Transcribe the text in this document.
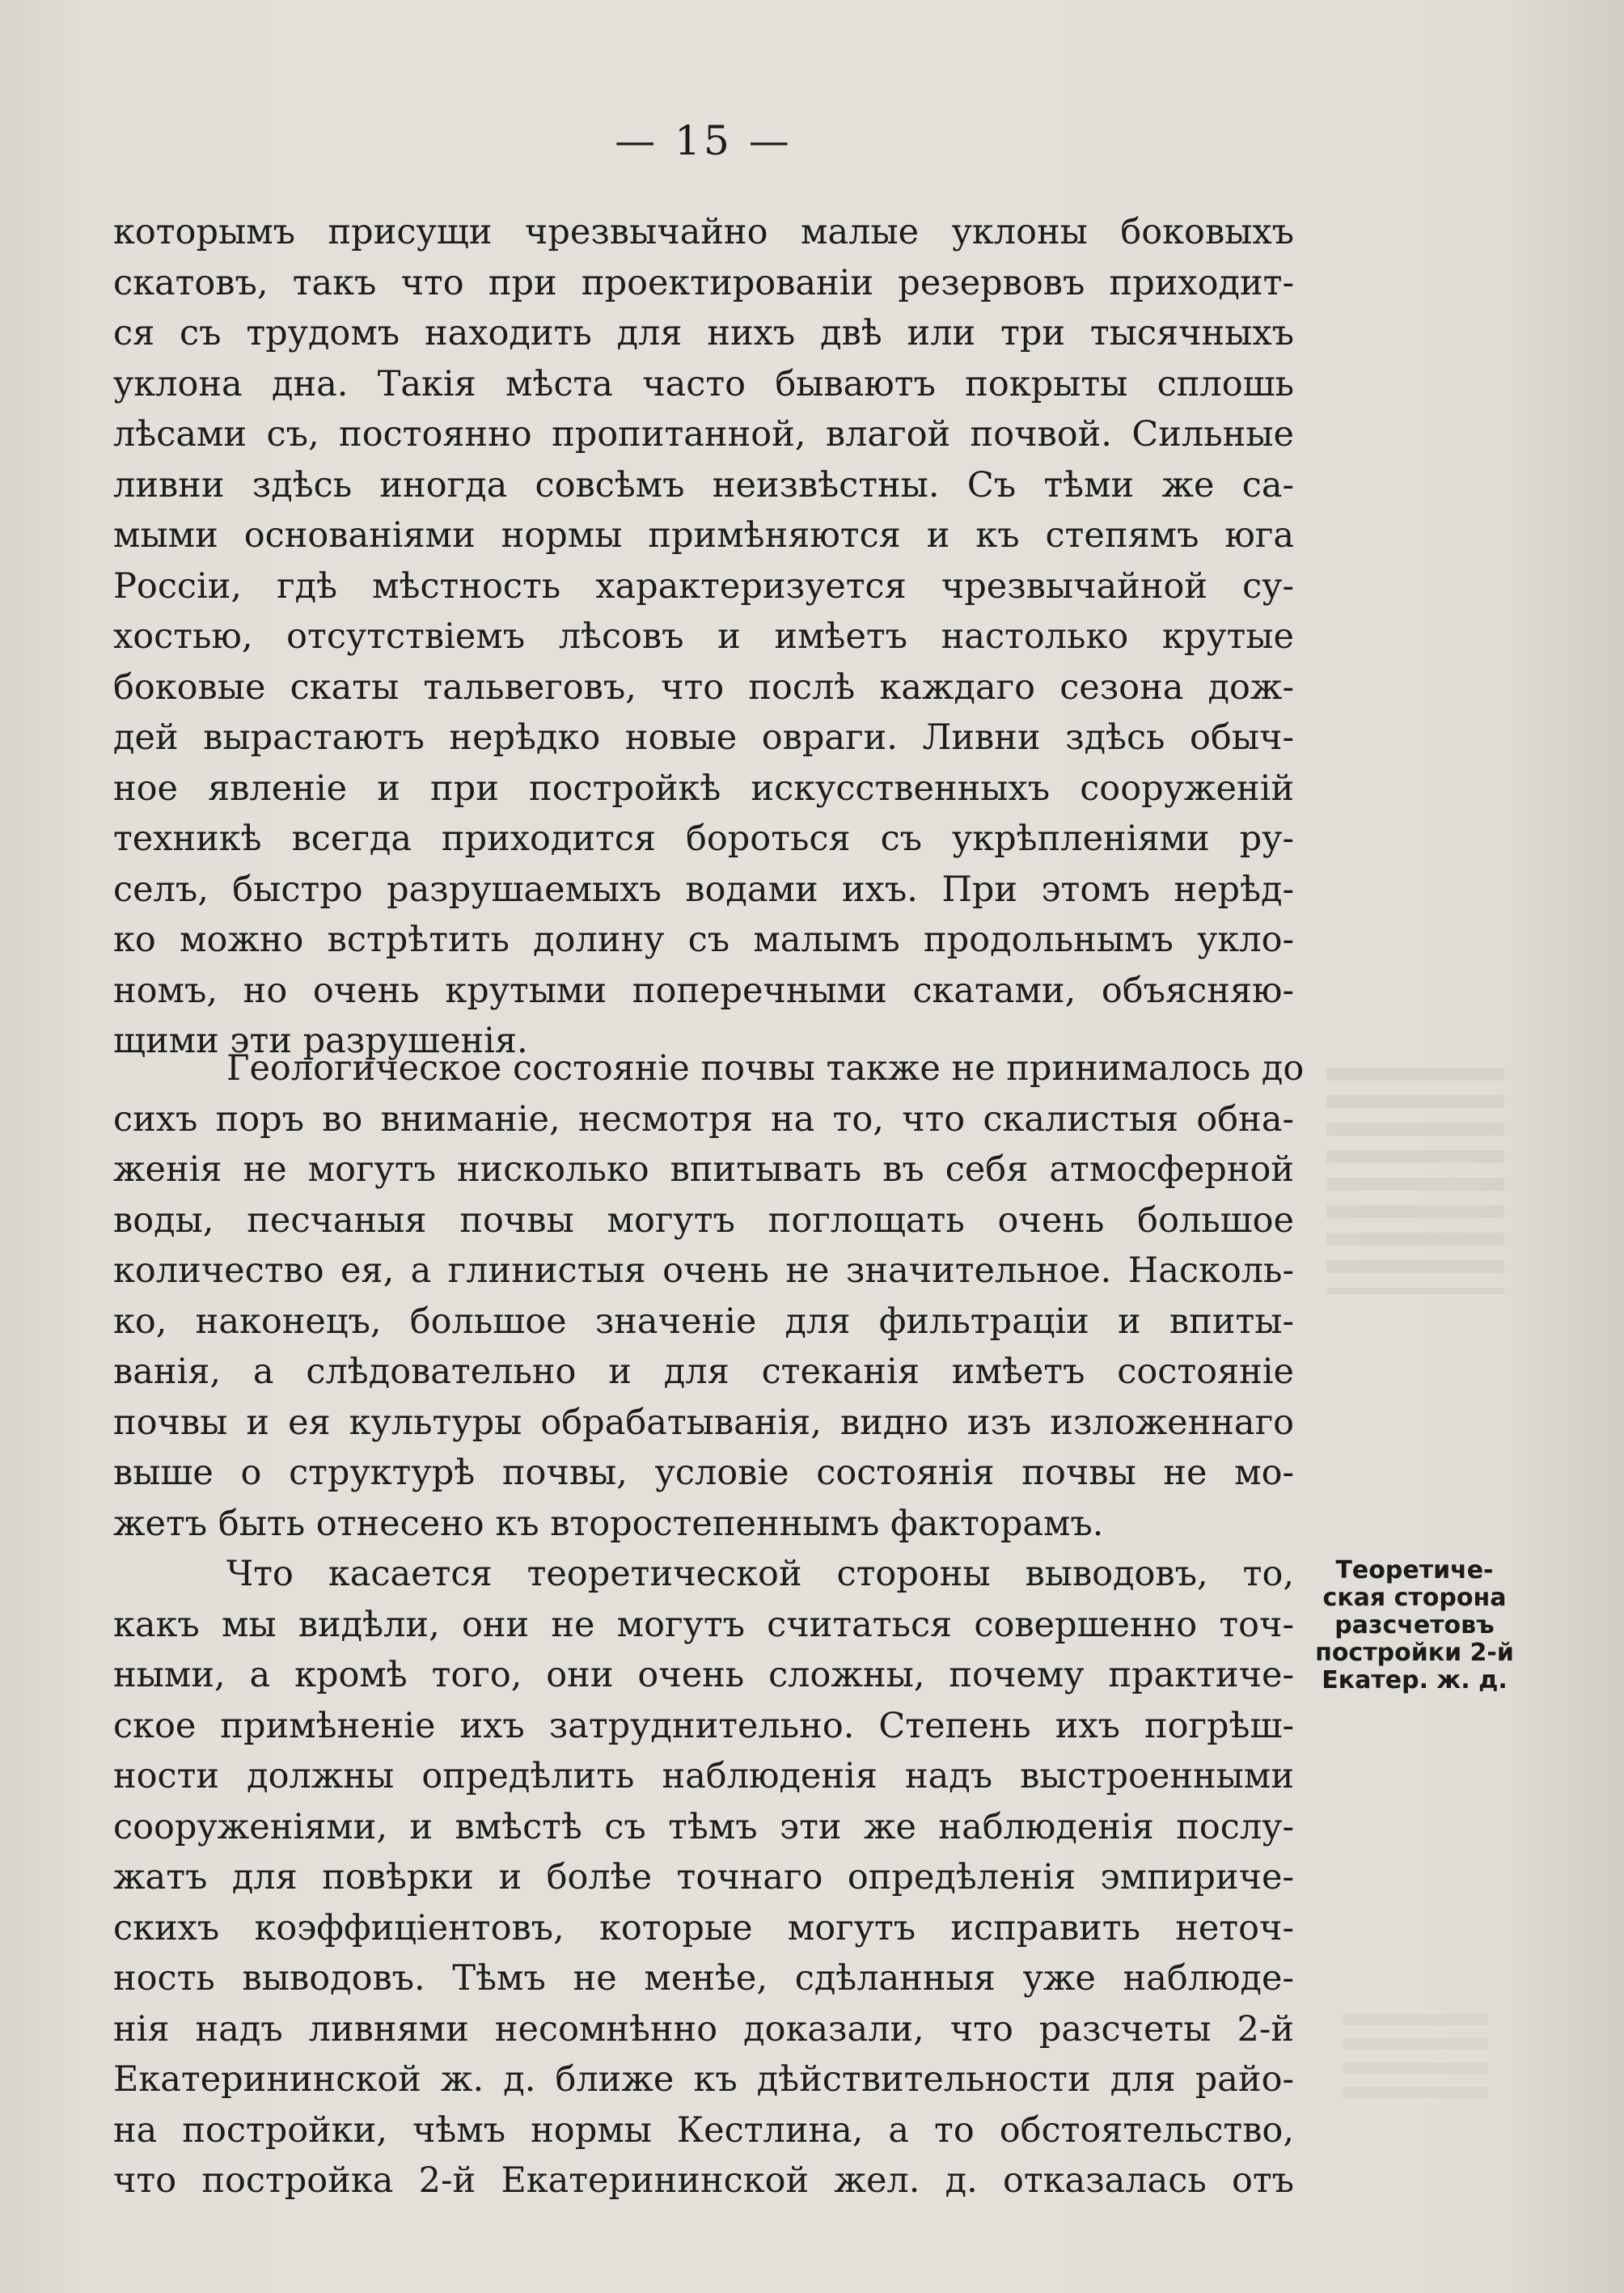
— 15 —
которымъ присущи чрезвычайно малые уклоны боковыхъ
скатовъ, такъ что при проектированіи резервовъ приходит-
ся съ трудомъ находить для нихъ двѣ или три тысячныхъ
уклона дна. Такія мѣста часто бываютъ покрыты сплошь
лѣсами съ, постоянно пропитанной, влагой почвой. Сильные
ливни здѣсь иногда совсѣмъ неизвѣстны. Съ тѣми же са-
мыми основаніями нормы примѣняются и къ степямъ юга
Россіи, гдѣ мѣстность характеризуется чрезвычайной су-
хостью, отсутствіемъ лѣсовъ и имѣетъ настолько крутые
боковые скаты тальвеговъ, что послѣ каждаго сезона дож-
дей вырастаютъ нерѣдко новые овраги. Ливни здѣсь обыч-
ное явленіе и при постройкѣ искусственныхъ сооруженій
техникѣ всегда приходится бороться съ укрѣпленіями ру-
селъ, быстро разрушаемыхъ водами ихъ. При этомъ нерѣд-
ко можно встрѣтить долину съ малымъ продольнымъ укло-
номъ, но очень крутыми поперечными скатами, объясняю-
щими эти разрушенія.
Геологическое состояніе почвы также не принималось до
сихъ поръ во вниманіе, несмотря на то, что скалистыя обна-
женія не могутъ нисколько впитывать въ себя атмосферной
воды, песчаныя почвы могутъ поглощать очень большое
количество ея, а глинистыя очень не значительное. Насколь-
ко, наконецъ, большое значеніе для фильтраціи и впиты-
ванія, а слѣдовательно и для стеканія имѣетъ состояніе
почвы и ея культуры обрабатыванія, видно изъ изложеннаго
выше о структурѣ почвы, условіе состоянія почвы не мо-
жетъ быть отнесено къ второстепеннымъ факторамъ.
Что касается теоретической стороны выводовъ, то,
какъ мы видѣли, они не могутъ считаться совершенно точ-
ными, а кромѣ того, они очень сложны, почему практиче-
ское примѣненіе ихъ затруднительно. Степень ихъ погрѣш-
ности должны опредѣлить наблюденія надъ выстроенными
сооруженіями, и вмѣстѣ съ тѣмъ эти же наблюденія послу-
жатъ для повѣрки и болѣе точнаго опредѣленія эмпириче-
скихъ коэффиціентовъ, которые могутъ исправить неточ-
ность выводовъ. Тѣмъ не менѣе, сдѣланныя уже наблюде-
нія надъ ливнями несомнѣнно доказали, что разсчеты 2-й
Екатерининской ж. д. ближе къ дѣйствительности для райо-
на постройки, чѣмъ нормы Кестлина, а то обстоятельство,
что постройка 2-й Екатерининской жел. д. отказалась отъ
Теоретиче-
ская сторона
разсчетовъ
постройки 2-й
Екатер. ж. д.
